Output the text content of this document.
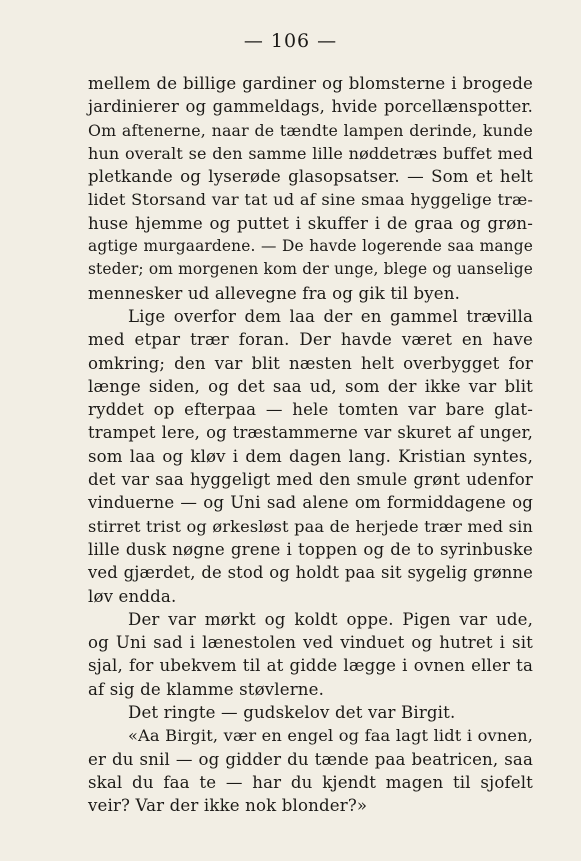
— 106 —
mellem de billige gardiner og blomsterne i brogede
jardinierer og gammeldags, hvide porcellænspotter.
Om aftenerne, naar de tændte lampen derinde, kunde
hun overalt se den samme lille nøddetræs buffet med
pletkande og lyserøde glasopsatser. — Som et helt
lidet Storsand var tat ud af sine smaa hyggelige træ-
huse hjemme og puttet i skuffer i de graa og grøn-
agtige murgaardene. — De havde logerende saa mange
steder; om morgenen kom der unge, blege og uanselige
mennesker ud allevegne fra og gik til byen.
Lige overfor dem laa der en gammel trævilla
med etpar trær foran. Der havde været en have
omkring; den var blit næsten helt overbygget for
længe siden, og det saa ud, som der ikke var blit
ryddet op efterpaa — hele tomten var bare glat-
trampet lere, og træstammerne var skuret af unger,
som laa og kløv i dem dagen lang. Kristian syntes,
det var saa hyggeligt med den smule grønt udenfor
vinduerne — og Uni sad alene om formiddagene og
stirret trist og ørkesløst paa de herjede trær med sin
lille dusk nøgne grene i toppen og de to syrinbuske
ved gjærdet, de stod og holdt paa sit sygelig grønne
løv endda.
Der var mørkt og koldt oppe. Pigen var ude,
og Uni sad i lænestolen ved vinduet og hutret i sit
sjal, for ubekvem til at gidde lægge i ovnen eller ta
af sig de klamme støvlerne.
Det ringte — gudskelov det var Birgit.
«Aa Birgit, vær en engel og faa lagt lidt i ovnen,
er du snil — og gidder du tænde paa beatricen, saa
skal du faa te — har du kjendt magen til sjofelt
veir? Var der ikke nok blonder?»
